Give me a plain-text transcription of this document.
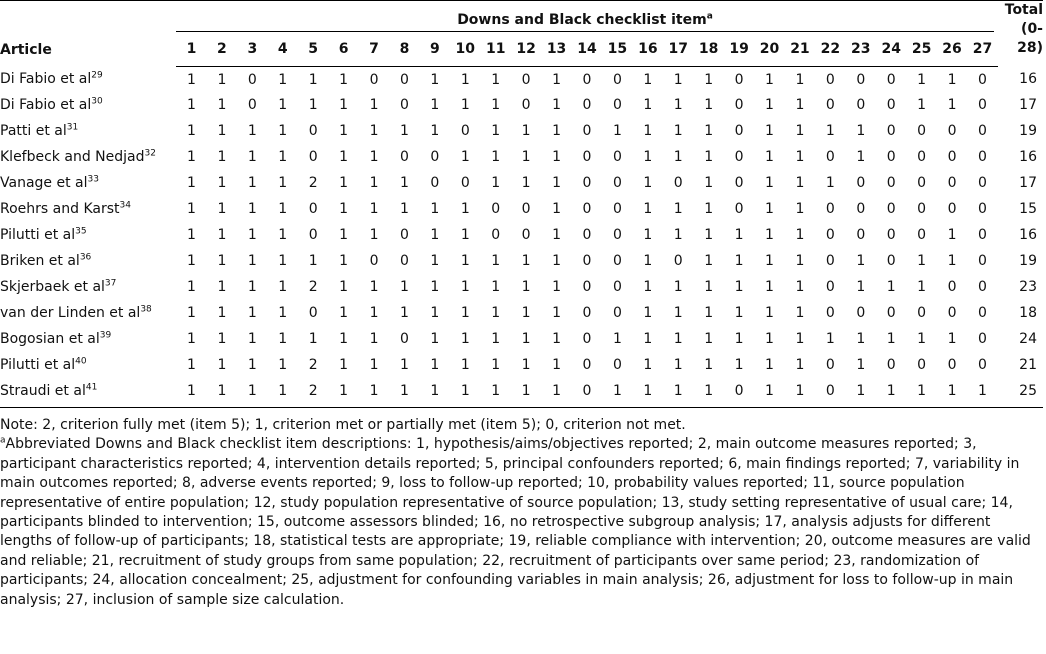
Article	Downs and Black checklist item$^a$																											Total
(0-28)
	1	2	3	4	5	6	7	8	9	10	11	12	13	14	15	16	17	18	19	20	21	22	23	24	25	26	27	
Di Fabio et $al^{29}$	1	1	0	1	1	1	0	0	1	1	1	0	1	0	0	1	1	1	0	1	1	0	0	0	1	1	0	16
Di Fabio et $al^{30}$	1	1	0	1	1	1	1	0	1	1	1	0	1	0	0	1	1	1	0	1	1	0	0	0	1	1	0	17
Patti et $al^{31}$	1	1	1	1	0	1	1	1	1	0	1	1	1	0	1	1	1	1	0	1	1	1	1	0	0	0	0	19
Klefbeck and Nedjad$^{32}$	1	1	1	1	0	1	1	0	0	1	1	1	1	0	0	1	1	1	0	1	1	0	1	0	0	0	0	16
Vanage et $al^{33}$	1	1	1	1	2	1	1	1	0	0	1	1	1	0	0	1	0	1	0	1	1	1	0	0	0	0	0	17
Roehrs and Karst$^{34}$	1	1	1	1	0	1	1	1	1	1	0	0	1	0	0	1	1	1	0	1	1	0	0	0	0	0	0	15
Pilutti et $al^{35}$	1	1	1	1	0	1	1	0	1	1	0	0	1	0	0	1	1	1	1	1	1	0	0	0	0	1	0	16
Briken et $al^{36}$	1	1	1	1	1	1	0	0	1	1	1	1	1	0	0	1	0	1	1	1	1	0	1	0	1	1	0	19
Skjerbaek et $al^{37}$	1	1	1	1	2	1	1	1	1	1	1	1	1	0	0	1	1	1	1	1	1	0	1	1	1	0	0	23
van der Linden et $al^{38}$	1	1	1	1	0	1	1	1	1	1	1	1	1	0	0	1	1	1	1	1	1	0	0	0	0	0	0	18
Bogosian et $al^{39}$	1	1	1	1	1	1	1	0	1	1	1	1	1	0	1	1	1	1	1	1	1	1	1	1	1	1	0	24
Pilutti et $al^{40}$	1	1	1	1	2	1	1	1	1	1	1	1	1	0	0	1	1	1	1	1	1	0	1	0	0	0	0	21
Straudi et $al^{41}$	1	1	1	1	2	1	1	1	1	1	1	1	1	0	1	1	1	1	0	1	1	0	1	1	1	1	1	25

Note: 2, criterion fully met (item 5); 1, criterion met or partially met (item 5); 0, criterion not met.

$^a$Abbreviated Downs and Black checklist item descriptions: 1, hypothesis/aims/objectives reported; 2, main outcome measures reported; 3, participant characteristics reported; 4, intervention details reported; 5, principal confounders reported; 6, main findings reported; 7, variability in main outcomes reported; 8, adverse events reported; 9, loss to follow-up reported; 10, probability values reported; 11, source population representative of entire population; 12, study population representative of source population; 13, study setting representative of usual care; 14, participants blinded to intervention; 15, outcome assessors blinded; 16, no retrospective subgroup analysis; 17, analysis adjusts for different lengths of follow-up of participants; 18, statistical tests are appropriate; 19, reliable compliance with intervention; 20, outcome measures are valid and reliable; 21, recruitment of study groups from same population; 22, recruitment of participants over same period; 23, randomization of participants; 24, allocation concealment; 25, adjustment for confounding variables in main analysis; 26, adjustment for loss to follow-up in main analysis; 27, inclusion of sample size calculation.
